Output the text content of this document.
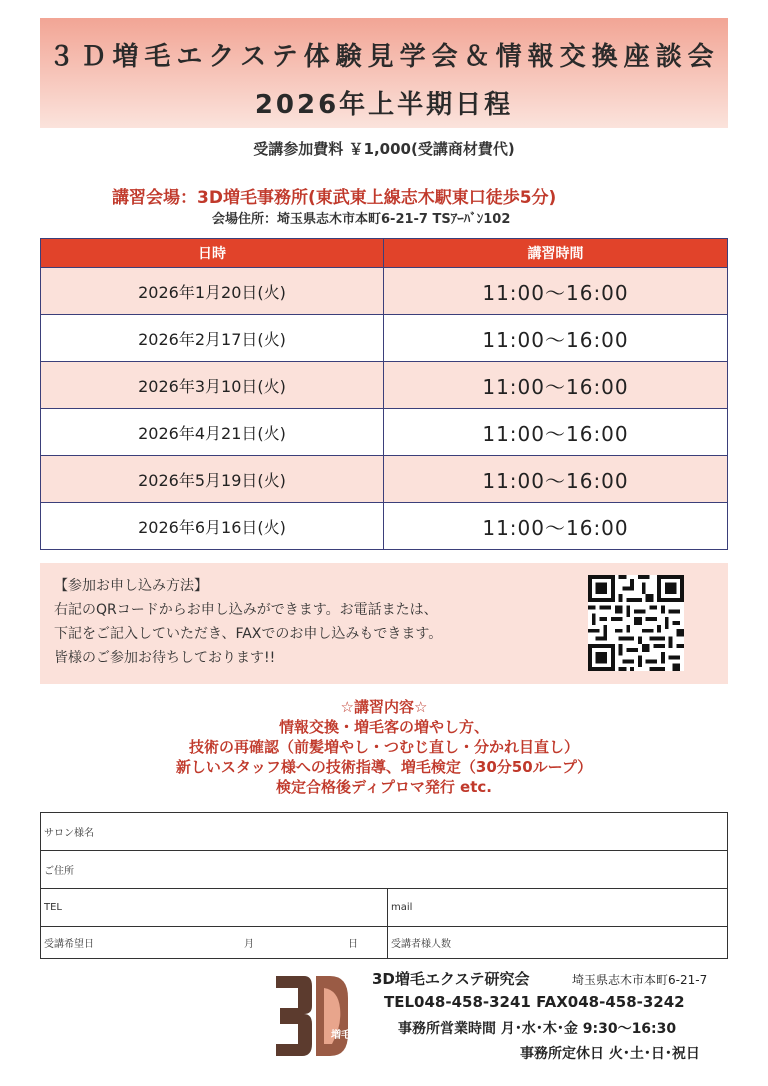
３Ｄ増毛エクステ体験見学会＆情報交換座談会
2026年上半期日程
受講参加費料 ￥1,000(受講商材費代)
講習会場：3D増毛事務所(東武東上線志木駅東口徒歩5分)
会場住所：埼玉県志木市本町6-21-7 TSｱｰﾊﾞﾝ102
日時	講習時間
2026年1月20日(火)	11:00〜16:00
2026年2月17日(火)	11:00〜16:00
2026年3月10日(火)	11:00〜16:00
2026年4月21日(火)	11:00〜16:00
2026年5月19日(火)	11:00〜16:00
2026年6月16日(火)	11:00〜16:00
【参加お申し込み方法】
右記のQRコードからお申し込みができます。お電話または、
下記をご記入していただき、FAXでのお申し込みもできます。
皆様のご参加お待ちしております!!
☆講習内容☆
情報交換・増毛客の増やし方、
技術の再確認（前髪増やし・つむじ直し・分かれ目直し）
新しいスタッフ様への技術指導、増毛検定（30分50ループ）
検定合格後ディプロマ発行 etc.
サロン様名			
ご住所			
TEL			mail
受講希望日	月	日	受講者様人数
増毛
3D増毛エクステ研究会	埼玉県志木市本町6-21-7
TEL048-458-3241 FAX048-458-3242
事務所営業時間 月･水･木･金 9:30〜16:30
事務所定休日 火･土･日･祝日
